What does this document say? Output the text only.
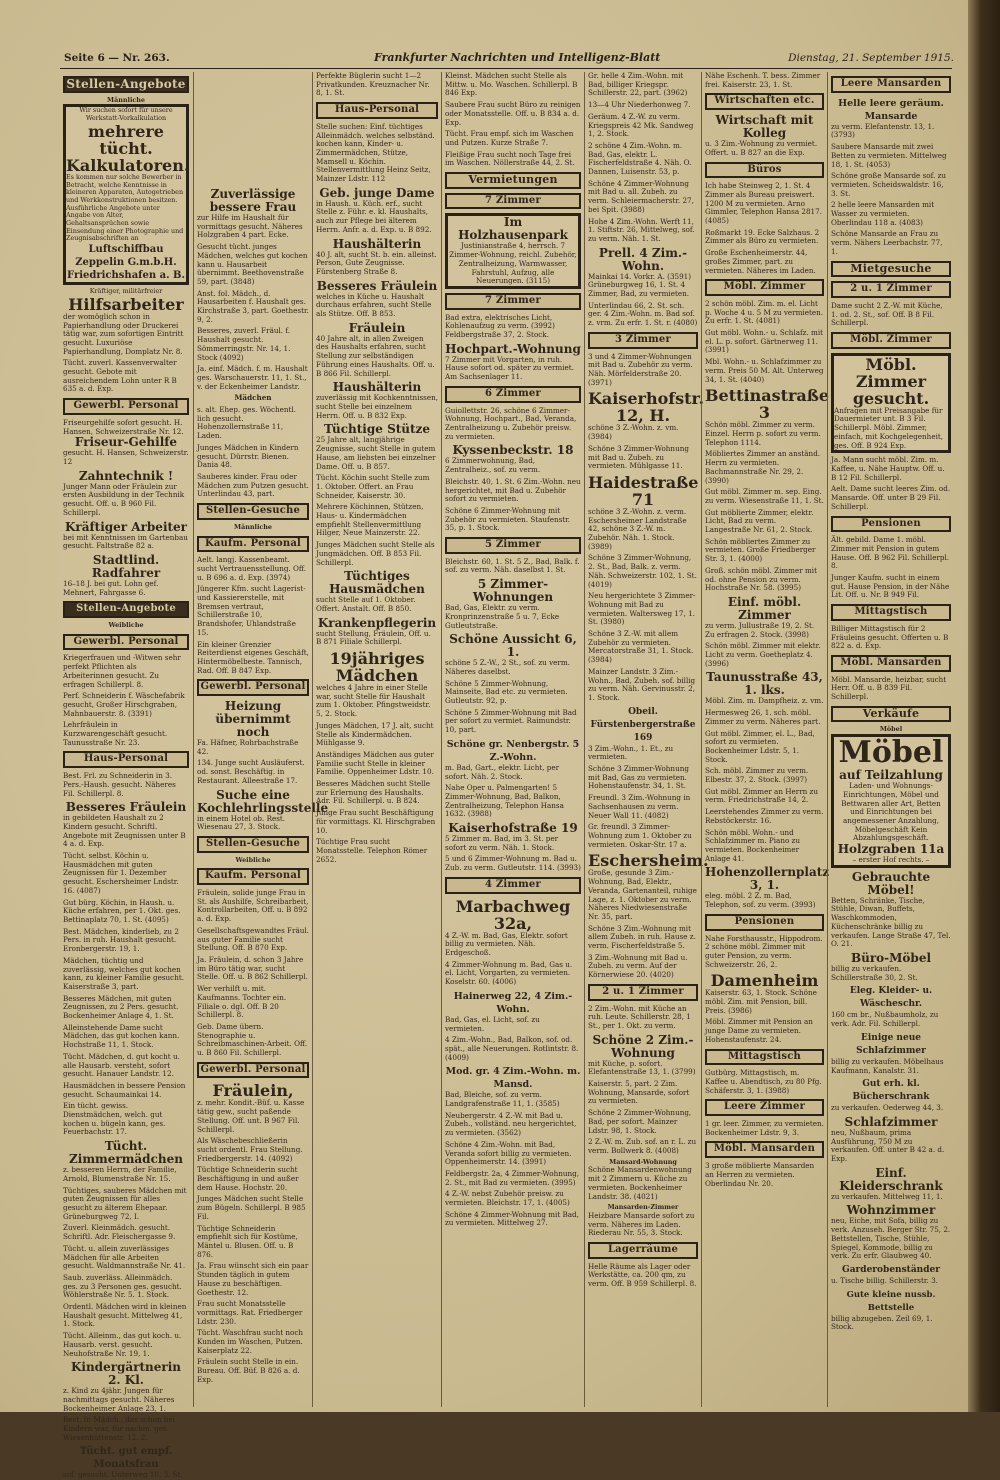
Seite 6 — Nr. 263.	Frankfurter Nachrichten und Intelligenz-Blatt	Dienstag, 21. September 1915.
Stellen-Angebote
Männliche

Wir suchen sofort für unsere Werkstatt-Vorkalkulation

mehrere tücht. Kalkulatoren.

Es kommen nur solche Bewerber in Betracht, welche Kenntnisse in kleineren Apparaten, Autogetrieben und Werkkonstruktionen besitzen. Ausführliche Angebote unter Angabe von Alter, Gehaltsansprüchen sowie Einsendung einer Photographie und Zeugnisabschriften an

Luftschiffbau Zeppelin G.m.b.H. Friedrichshafen a. B.

Kräftiger, militärfreier

Hilfsarbeiter

der womöglich schon in Papierhandlung oder Druckerei tätig war, zum sofortigen Eintritt gesucht. Luxuriöse Papierhandlung, Domplatz Nr. 8.

Tücht. zuverl. Kassenverwalter gesucht. Gebote mit ausreichendem Lohn unter R B 635 a. d. Exp.

Gewerbl. Personal

Friseurgehilfe sofort gesucht. H. Hansen, Schweizerstraße Nr. 12.

Friseur-Gehilfe

gesucht. H. Hansen, Schweizerstr. 12

Zahntechnik !

Junger Mann oder Fräulein zur ersten Ausbildung in der Technik gesucht. Off. u. B 960 Fil. Schillerpl.

Kräftiger Arbeiter

bei mit Kenntnissen im Gartenbau gesucht. Faltstraße 82 a.

Stadtlind. Radfahrer

16–18 J. bei gut. Lohn gef. Mehnert, Fahrgasse 6.

Stellen-Angebote
Weibliche
Gewerbl. Personal

Kriegerfrauen und -Witwen sehr perfekt Pflichten als Arbeiterinnen gesucht. Zu erfragen Schillerpl. 8.

Perf. Schneiderin f. Wäschefabrik gesucht, Großer Hirschgraben, Mahnbauerstr. 8. (3391)

Lehrfräulein in Kurzwarengeschäft gesucht. Taunusstraße Nr. 23.

Haus-Personal

Best. Frl. zu Schneiderin in 3. Pers.-Haush. gesucht. Näheres Fil. Schillerpl. 8.

Besseres Fräulein

in gebildeten Haushalt zu 2 Kindern gesucht. Schriftl. Angebote mit Zeugnissen unter B 4 a. d. Exp.

Tücht. selbst. Köchin u. Hausmädchen mit guten Zeugnissen für 1. Dezember gesucht. Eschersheimer Lndstr. 16. (4087)

Gut bürg. Köchin, in Haush. u. Küche erfahren, per 1. Okt. ges. Bettinaplatz 70, 1. St. (4095)

Best. Mädchen, kinderlieb, zu 2 Pers. in ruh. Haushalt gesucht. Eronbergerstr. 19, 1.

Mädchen, tüchtig und zuverlässig, welches gut kochen kann, zu kleiner Familie gesucht. Kaiserstraße 3, part.

Besseres Mädchen, mit guten Zeugnissen, zu 2 Pers. gesucht. Bockenheimer Anlage 4, 1. St.

Alleinstehende Dame sucht Mädchen, das gut kochen kann. Hochstraße 11, 1. Stock.

Tücht. Mädchen, d. gut kocht u. alle Hausarb. versteht, sofort gesucht. Hanauer Landstr. 12.

Hausmädchen in bessere Pension gesucht. Schaumainkai 14.

Ein tücht. gewiss. Dienstmädchen, welch. gut kochen u. bügeln kann, ges. Feuerbachstr. 17.

Tücht. Zimmermädchen

z. besseren Herrn, der Familie, Arnold, Blumenstraße Nr. 15.

Tüchtiges, sauberes Mädchen mit guten Zeugnissen für alles gesucht zu älterem Ehepaar. Grüneburgweg 72, I.

Zuverl. Kleinmädch. gesucht. Schriftl. Adr. Fleischergasse 9.

Tücht. u. allein zuverlässiges Mädchen für alle Arbeiten gesucht. Waldmannstraße Nr. 41.

Saub. zuverläss. Alleinmädch. ges. zu 3 Personen ges. gesucht. Wöhlerstraße Nr. 5. 1. Stock.

Ordentl. Mädchen wird in kleinen Haushalt gesucht. Mittelweg 41, 1. Stock.

Tücht. Alleinm., das gut koch. u. Hausarb. verst. gesucht. Neuhofstraße Nr. 19, 1.

Kindergärtnerin 2. Kl.

z. Kind zu 4jähr. Jungen für nachmittags gesucht. Näheres Bockenheimer Anlage 23, 1.

Best. fr. Mädch., das schon bei Kindern war, für nachm. ges. Wiesenhüttenstr. 12. 2.

Tücht. gut empf. Monatsfrau

sof. gesucht. Unterweg 10, 3. St.

Zuverlässige bessere Frau

zur Hilfe im Haushalt für vormittags gesucht. Näheres Holzgraben 4 part. Ecke.

Gesucht tücht. junges Mädchen, welches gut kochen kann u. Hausarbeit übernimmt. Beethovenstraße 59, part. (3848)

Anst. fol. Mädch., d. Hausarbeiten f. Haushalt ges. Kirchstraße 3, part. Goethestr. 9, 2.

Besseres, zuverl. Fräul. f. Haushalt gesucht. Sömmerringstr. Nr. 14, 1. Stock (4092)

Ja. einf. Mädch. f. m. Haushalt ges. Warschauerstr. 11, 1. St., v. der Eckenheimer Landstr.

Mädchen

s. alt. Ehep. ges. Wöchentl. lich gesucht. Hohenzollernstraße 11, Laden.

Junges Mädchen in Kindern gesucht. Dürrstr. Bienen. Dania 48.

Sauberes kinder. Frau oder Mädchen zum Putzen gesucht. Unterlindau 43, part.

Stellen-Gesuche
Männliche
Kaufm. Personal

Aelt. langj. Kassenbeamt. sucht Vertrauensstellung. Off. u. B 696 a. d. Exp. (3974)

Jüngerer Kfm. sucht Lagerist- und Kassiererstelle, mit Bremsen vertraut, Schillerstraße 10, Brandshofer, Uhlandstraße 15.

Ein kleiner Grenzier Reiterdienst eigenes Geschäft, Hintermöbelbeste. Tannisch, Rad. Off. B 847 Exp.

Gewerbl. Personal

Heizung übernimmt noch

Fa. Häfner, Rohrbachstraße 42.

134. Junge sucht Ausläuferst. od. sonst. Beschäftig. in Restaurant. Alleestraße 17.

Suche eine Kochlehrlingsstelle

in einem Hotel ob. Rest. Wiesenau 27, 3. Stock.

Stellen-Gesuche
Weibliche
Kaufm. Personal

Fräulein, solide junge Frau in St. als Aushilfe, Schreibarbeit, Kontrollarbeiten, Off. u. B 892 a. d. Exp.

Gesellschaftsgewandtes Fräul. aus guter Familie sucht Stellung. Off. B 870 Exp.

Ja. Fräulein, d. schon 3 Jahre im Büro tätig war, sucht Stelle. Off. u. B 862 Schillerpl.

Wer verhilft u. mit. Kaufmanns. Tochter ein. Filiale o. dgl. Off. B 20 Schillerpl. 8.

Geb. Dame übern. Stenographie u. Schreibmaschinen-Arbeit. Off. u. B 860 Fil. Schillerpl.

Gewerbl. Personal

Fräulein,

z. mehr. Kondit.-Büf. u. Kasse tätig gew., sucht paßende Stellung. Off. unt. B 967 Fil. Schillerpl.

Als Wäschebeschließerin sucht ordentl. Frau Stellung. Friedbergerstr. 14. (4092)

Tüchtige Schneiderin sucht Beschäftigung in und außer dem Hause. Hochstr. 20.

Junges Mädchen sucht Stelle zum Bügeln. Schillerpl. B 985 Fil.

Tüchtige Schneiderin empfiehlt sich für Kostüme, Mäntel u. Blusen. Off. u. B 876.

Ja. Frau wünscht sich ein paar Stunden täglich in gutem Hause zu beschäftigen. Goethestr. 12.

Frau sucht Monatsstelle vormittags. Rat. Friedberger Ldstr. 230.

Tücht. Waschfrau sucht noch Kunden im Waschen, Putzen. Kaiserplatz 22.

Fräulein sucht Stelle in ein. Bureau. Off. Büf. B 826 a. d. Exp.

Perfekte Büglerin sucht 1—2 Privatkunden. Kreuznacher Nr. 8, 1. St.

Haus-Personal

Stelle suchen: Einf. tüchtiges Alleinmädch. welches selbständ. kochen kann, Kinder- u. Zimmermädchen, Stütze, Mamsell u. Köchin. Stellenvermittlung Heinz Seitz, Mainzer Ldstr. 112

Geb. junge Dame

in Haush. u. Küch. erf., sucht Stelle z. Führ. e. kl. Haushalts, auch zur Pflege bei älterem Herrn. Anfr. a. d. Exp. u. B 892.

Haushälterin

40 J. alt, sucht St. b. ein. alleinst. Person, Gute Zeugnisse. Fürstenberg Straße 8.

Besseres Fräulein

welches in Küche u. Haushalt durchaus erfahren, sucht Stelle als Stütze. Off. B 853.

Fräulein

40 Jahre alt, in allen Zweigen des Haushalts erfahren, sucht Stellung zur selbständigen Führung eines Haushalts. Off. u. B 866 Fil. Schillerpl.

Haushälterin

zuverlässig mit Kochkenntnissen, sucht Stelle bei einzelnem Herrn. Off. u. B 832 Exp.

Tüchtige Stütze

25 Jahre alt, langjährige Zeugnisse, sucht Stelle in gutem Hause, am liebsten bei einzelner Dame. Off. u. B 857.

Tücht. Köchin sucht Stelle zum 1. Oktober. Offert. an Frau Schneider, Kaiserstr. 30.

Mehrere Köchinnen, Stützen, Haus- u. Kindermädchen empfiehlt Stellenvermittlung Hilger, Neue Mainzerstr. 22.

Junges Mädchen sucht Stelle als Jungmädchen. Off. B 853 Fil. Schillerpl.

Tüchtiges Hausmädchen

sucht Stelle auf 1. Oktober. Offert. Anstalt. Off. B 850.

Krankenpflegerin

sucht Stellung, Fräulein, Off. u. B 871 Filiale Schillerpl.

19jähriges Mädchen

welches 4 Jahre in einer Stelle war, sucht Stelle für Haushalt zum 1. Oktober. Pfingstweidstr. 5, 2. Stock.

Junges Mädchen, 17 J. alt, sucht Stelle als Kindermädchen. Mühlgasse 9.

Anständiges Mädchen aus guter Familie sucht Stelle in kleiner Familie. Oppenheimer Ldstr. 10.

Besseres Mädchen sucht Stelle zur Erlernung des Haushalts. Adr. Fil. Schillerpl. u. B 824.

Junge Frau sucht Beschäftigung für vormittags. Kl. Hirschgraben 10.

Tüchtige Frau sucht Monatsstelle. Telephon Römer 2652.

Kleinst. Mädchen sucht Stelle als Mittw. u. Mo. Waschen. Schillerpl. B 846 Exp.

Saubere Frau sucht Büro zu reinigen oder Monatsstelle. Off. u. B 834 a. d. Exp.

Tücht. Frau empf. sich im Waschen und Putzen. Kurze Straße 7.

Fleißige Frau sucht noch Tage frei im Waschen. Nöllerstraße 44, 2. St.

Vermietungen
7 Zimmer

Im Holzhausenpark

Justinianstraße 4, herrsch. 7 Zimmer-Wohnung, reichl. Zubehör, Zentralheizung, Warmwasser, Fahrstuhl, Aufzug, alle Neuerungen. (3115)

7 Zimmer

Bad extra, elektrisches Licht, Kohlenaufzug zu verm. (3992) Feldbergstraße 37, 2. Stock.

Hochpart.-Wohnung

7 Zimmer mit Vorgarten, in ruh. Hause sofort od. später zu vermiet. Am Sachsenlager 11.

6 Zimmer

Guiollettstr. 26, schöne 6 Zimmer-Wohnung, Hochpart., Bad, Veranda, Zentralheizung u. Zubehör preisw. zu vermieten.

Kyssenbeckstr. 18

6 Zimmerwohnung, Bad, Zentralheiz., sof. zu verm.

Bleichstr. 40, 1. St. 6 Zim.-Wohn. neu hergerichtet, mit Bad u. Zubehör sofort zu vermieten.

Schöne 6 Zimmer-Wohnung mit Zubehör zu vermieten. Staufenstr. 35, p. 1. Stock.

5 Zimmer

Bleichstr. 60, 1. St. 5 Z., Bad, Balk. f. sof. zu verm. Näh. daselbst 1. St.

5 Zimmer-Wohnungen

Bad, Gas, Elektr. zu verm. Kronprinzenstraße 5 u. 7, Ecke Gutleutstraße.

Schöne Aussicht 6, 1.

schöne 5 Z.-W., 2 St., sof. zu verm. Näheres daselbst.

Schöne 5 Zimmer-Wohnung, Mainseite, Bad etc. zu vermieten. Gutleutstr. 92, p.

Schöne 5 Zimmer-Wohnung mit Bad per sofort zu vermiet. Raimundstr. 10, part.

Schöne gr. Nenbergstr. 5 Z.-Wohn.

m. Bad, Gart., elektr. Licht, per sofort. Näh. 2. Stock.

Nahe Oper u. Palmengarten! 5 Zimmer-Wohnung, Bad, Balkon, Zentralheizung, Telephon Hansa 1632. (3988)

Kaiserhofstraße 19

5 Zimmer m. Bad, im 3. St. per sofort zu verm. Näh. 1. Stock.

5 und 6 Zimmer-Wohnung m. Bad u. Zub. zu verm. Gutleutstr. 114. (3993)

4 Zimmer

Marbachweg 32a,

4 Z.-W. m. Bad, Gas, Elektr. sofort billig zu vermieten. Näh. Erdgeschoß.

4 Zimmer-Wohnung m. Bad, Gas u. el. Licht, Vorgarten, zu vermieten. Koselstr. 60. (4006)

Hainerweg 22, 4 Zim.-Wohn.

Bad, Gas, el. Licht, sof. zu vermieten.

4 Zim.-Wohn., Bad, Balkon, sof. od. spät., alle Neuerungen. Rotlintstr. 8. (4009)

Mod. gr. 4 Zim.-Wohn. m. Mansd.

Bad, Bleiche, sof. zu verm. Landgrafenstraße 11, 1. (3585)

Neubergerstr. 4 Z.-W. mit Bad u. Zubeh., vollständ. neu hergerichtet, zu vermieten. (3562)

Schöne 4 Zim.-Wohn. mit Bad, Veranda sofort billig zu vermieten. Oppenheimerstr. 14. (3991)

Feldbergstr. 2a, 4 Zimmer-Wohnung, 2. St., mit Bad zu vermieten. (3995)

4 Z.-W. nebst Zubehör preisw. zu vermieten. Bleichstr. 17, 1. (4005)

Schöne 4 Zimmer-Wohnung mit Bad, zu vermieten. Mittelweg 27.

Gr. helle 4 Zim.-Wohn. mit Bad, billiger Kriegspr. Schillerstr. 22, part. (3962)

13—4 Uhr Niederhonweg 7.

Geräum. 4 Z.-W. zu verm. Kriegspreis 42 Mk. Sandweg 1, 2. Stock.

2 schöne 4 Zim.-Wohn. m. Bad, Gas, elektr. L. Fischerfeldstraße 4. Näh. O. Dannen, Luisenstr. 53, p.

Schöne 4 Zimmer-Wohnung mit Bad u. all. Zubeh. zu verm. Schleiermacherstr. 27, bei Spit. (3988)

Hohe 4 Zim.-Wohn. Werft 11, 1. Stiftstr. 26, Mittelweg, sof. zu verm. Näh. 1. St.

Prell. 4 Zim.-Wohn.

Mainkai 14. Vorkr. A. (3591) Grüneburgweg 16, 1. St. 4 Zimmer, Bad, zu vermieten.

Unterlindau 66, 2. St. sch. ger. 4 Zim.-Wohn. m. Bad sof. z. vrm. Zu erfr. 1. St. r. (4080)

3 Zimmer

3 und 4 Zimmer-Wohnungen mit Bad u. Zubehör zu verm. Näh. Mörfelderstraße 20. (3971)

Kaiserhofstr. 12, H.

schöne 3 Z.-Wohn. z. vm. (3984)

Schöne 3 Zimmer-Wohnung mit Bad u. Zubeh. zu vermieten. Mühlgasse 11.

Haidestraße 71

schöne 3 Z.-Wohn. z. verm. Eschersheimer Landstraße 42, schöne 3 Z.-W. m. Zubehör. Näh. 1. Stock. (3989)

Schöne 3 Zimmer-Wohnung, 2. St., Bad, Balk. z. verm. Näh. Schweizerstr. 102, 1. St. (4019)

Neu hergerichtete 3 Zimmer-Wohnung mit Bad zu vermieten. Waltersweg 17, 1. St. (3980)

Schöne 3 Z.-W. mit allem Zubehör zu vermieten. Mercatorstraße 31, 1. Stock. (3984)

Mainzer Landstr. 3 Zim.-Wohn., Bad, Zubeh. sof. billig zu verm. Näh. Gervinusstr. 2, 1. Stock.

Obeil. Fürstenbergerstraße 169

3 Zim.-Wohn., 1. Et., zu vermieten.

Schöne 3 Zimmer-Wohnung mit Bad, Gas zu vermieten. Hohenstaufenstr. 34, 1. St.

Freundl. 3 Zim.-Wohnung in Sachsenhausen zu verm. Neuer Wall 11. (4082)

Gr. freundl. 3 Zimmer-Wohnung zum 1. Oktober zu vermieten. Oskar-Str. 17 a.

Eschersheim.

Große, gesunde 3 Zim.-Wohnung, Bad, Elektr., Veranda, Gartenanteil, ruhige Lage, z. 1. Oktober zu verm. Näheres Niedwiesenstraße Nr. 35, part.

Schöne 3 Zim.-Wohnung mit allem Zubeh. in ruh. Hause z. verm. Fischerfeldstraße 5.

3 Zim.-Wohnung mit Bad u. Zubeh. zu verm. Auf der Körnerwiese 20. (4020)

2 u. 1 Zimmer

2 Zim.-Wohn. mit Küche an ruh. Leute. Schillerstr. 28, 1 St., per 1. Okt. zu verm.

Schöne 2 Zim.-Wohnung

mit Küche, p. sofort. Elefantenstraße 13, 1. (3799)

Kaiserstr. 5, part. 2 Zim. Wohnung, Mansarde, sofort zu vermieten.

Schöne 2 Zimmer-Wohnung, Bad, per sofort. Mainzer Ldstr. 98, 1. Stock.

2 Z.-W. m. Zub. sof. an r. L. zu verm. Bollwerk 8. (4008)

Mansard-Wohnung

Schöne Mansardenwohnung mit 2 Zimmern u. Küche zu vermieten. Bockenheimer Landstr. 38. (4021)

Mansarden-Zimmer

Heizbare Mansarde sofort zu verm. Näheres im Laden. Riederau Nr. 55, 3. Stock.

Lagerräume

Helle Räume als Lager oder Werkstätte, ca. 200 qm, zu verm. Off. B 959 Schillerpl. 8.

Nähe Eschenh. T. bess. Zimmer frei. Kaiserstr. 23, 1. St.

Wirtschaften etc.

Wirtschaft mit Kolleg

u. 3 Zim.-Wohnung zu vermiet. Offert. u. B 827 an die Exp.

Büros

Ich habe Steinweg 2, 1. St. 4 Zimmer als Bureau preiswert. 1200 M zu vermieten. Arno Gimmler, Telephon Hansa 2817. (4085)

Roßmarkt 19. Ecke Salzhaus. 2 Zimmer als Büro zu vermieten.

Große Eschenheimerstr. 44, großes Zimmer, part. zu vermieten. Näheres im Laden.

Möbl. Zimmer

2 schön möbl. Zim. m. el. Licht p. Woche 4 u. 5 M zu vermieten. Zu erfr. 1. St. (4081)

Gut möbl. Wohn.- u. Schlafz. mit el. L. p. sofort. Gärtnerweg 11. (3991)

Mbl. Wohn.- u. Schlafzimmer zu verm. Preis 50 M. Alt. Unterweg 34, 1. St. (4040)

Bettinastraße 3

Schön möbl. Zimmer zu verm. Einzel. Herrn p. sofort zu verm. Telephon 1114.

Möbliertes Zimmer an anständ. Herrn zu vermieten. Bachmannstraße Nr. 29, 2. (3990)

Gut möbl. Zimmer m. sep. Eing. zu verm. Wiesenstraße 11, 1. St.

Gut möblierte Zimmer, elektr. Licht, Bad zu verm. Langestraße Nr. 61, 2. Stock.

Schön möbliertes Zimmer zu vermieten. Große Friedberger Str. 3, 1. (4000)

Groß. schön möbl. Zimmer mit od. ohne Pension zu verm. Hochstraße Nr. 58. (3995)

Einf. möbl. Zimmer

zu verm. Jullustraße 19, 2. St. Zu erfragen 2. Stock. (3998)

Schön möbl. Zimmer mit elektr. Licht zu verm. Goetheplatz 4. (3996)

Taunusstraße 43, 1. lks.

Möbl. Zim. m. Dampfheiz. z. vm.

Hermesweg 26, 1. sch. möbl. Zimmer zu verm. Näheres part.

Gut möbl. Zimmer, el. L., Bad, sofort zu vermieten. Bockenheimer Ldstr. 5, 1. Stock.

Sch. möbl. Zimmer zu verm. Elbestr. 37, 2. Stock. (3997)

Gut möbl. Zimmer an Herrn zu verm. Friedrichstraße 14, 2.

Leerstehendes Zimmer zu verm. Rebstöckerstr. 16.

Schön möbl. Wohn.- und Schlafzimmer m. Piano zu vermieten. Bockenheimer Anlage 41.

Hohenzollernplatz 3, 1.

eleg. möbl. 2 Z. m. Bad, Telephon, sof. zu verm. (3993)

Pensionen

Nahe Forsthausstr., Hippodrom. 2 schöne möbl. Zimmer mit guter Pension, zu verm. Schweizerstr. 26, 2.

Damenheim

Kaiserstr. 63, 1. Stock. Schöne möbl. Zim. mit Pension, bill. Preis. (3986)

Möbl. Zimmer mit Pension an junge Dame zu vermieten. Hohenstaufenstr. 24.

Mittagstisch

Gutbürg. Mittagstisch, m. Kaffee u. Abendtisch, zu 80 Pfg. Schäferstr. 3, 1. (3988)

Leere Zimmer

1 gr. leer. Zimmer, zu vermieten. Bockenheimer Ldstr. 9, 3.

Möbl. Mansarden

3 große möblierte Mansarden an Herren zu vermieten. Oberlindau Nr. 20.

Leere Mansarden

Helle leere geräum. Mansarde

zu verm. Elefantenstr. 13, 1. (3793)

Saubere Mansarde mit zwei Betten zu vermieten. Mittelweg 18, 1. St. (4053)

Schöne große Mansarde sof. zu vermieten. Scheidswaldstr. 16, 3. St.

2 helle leere Mansarden mit Wasser zu vermieten. Oberlindau 118 a. (4083)

Schöne Mansarde an Frau zu verm. Nähers Leerbachstr. 77, 1.

Mietgesuche
2 u. 1 Zimmer

Dame sucht 2 Z.-W. mit Küche, 1. od. 2. St., sof. Off. B 8 Fil. Schillerpl.

Möbl. Zimmer

Möbl. Zimmer gesucht.

Anfragen mit Preisangabe für Dauermieter unt. B 3 Fil. Schillerpl. Möbl. Zimmer, einfach, mit Kochgelegenheit, ges. Off. B 924 Exp.

Ja. Mann sucht möbl. Zim. m. Kaffee, u. Nähe Hauptw. Off. u. B 12 Fil. Schillerpl.

Aelt. Dame sucht leeres Zim. od. Mansarde. Off. unter B 29 Fil. Schillerpl.

Pensionen

Ält. gebild. Dame 1. möbl. Zimmer mit Pension in gutem Hause. Off. B 962 Fil. Schillerpl. 8.

Junger Kaufm. sucht in einem gut. Hause Pension, in der Nähe Lit. Off. u. Nr. B 949 Fil.

Mittagstisch

Billiger Mittagstisch für 2 Fräuleins gesucht. Offerten u. B 822 a. d. Exp.

Möbl. Mansarden

Möbl. Mansarde, heizbar, sucht Herr. Off. u. B 839 Fil. Schillerpl.

Verkäufe
Möbel

Möbel

auf Teilzahlung

Laden- und Wohnungs-Einrichtungen, Möbel und Bettwaren aller Art, Betten und Einrichtungen bei angemessener Anzahlung, Möbelgeschäft Kein Abzahlungsgeschäft.

Holzgraben 11a

– erster Hof rechts. –

Gebrauchte Möbel!

Betten, Schränke, Tische, Stühle, Diwan, Buffets, Waschkommoden, Küchenschränke billig zu verkaufen. Lange Straße 47, Tel. O. 21.

Büro-Möbel

billig zu verkaufen. Schillerstraße 30, 2. St.

Eleg. Kleider- u. Wäscheschr.

160 cm br., Nußbaumholz, zu verk. Adr. Fil. Schillerpl.

Einige neue Schlafzimmer

billig zu verkaufen. Möbelhaus Kaufmann, Kanalstr. 31.

Gut erh. kl. Bücherschrank

zu verkaufen. Oederweg 44, 3.

Schlafzimmer

neu, Nußbaum, prima Ausführung, 750 M zu verkaufen. Off. unter B 42 a. d. Exp.

Einf. Kleiderschrank

zu verkaufen. Mittelweg 11, 1.

Wohnzimmer

neu, Eiche, mit Sofa, billig zu verk. Anzuseh. Berger Str. 75, 2. Bettstellen, Tische, Stühle, Spiegel, Kommode, billig zu verk. Zu erfr. Glaubweg 40.

Garderobenständer

u. Tische billig. Schillerstr. 3.

Gute kleine nussb. Bettstelle

billig abzugeben. Zeil 69, 1. Stock.
